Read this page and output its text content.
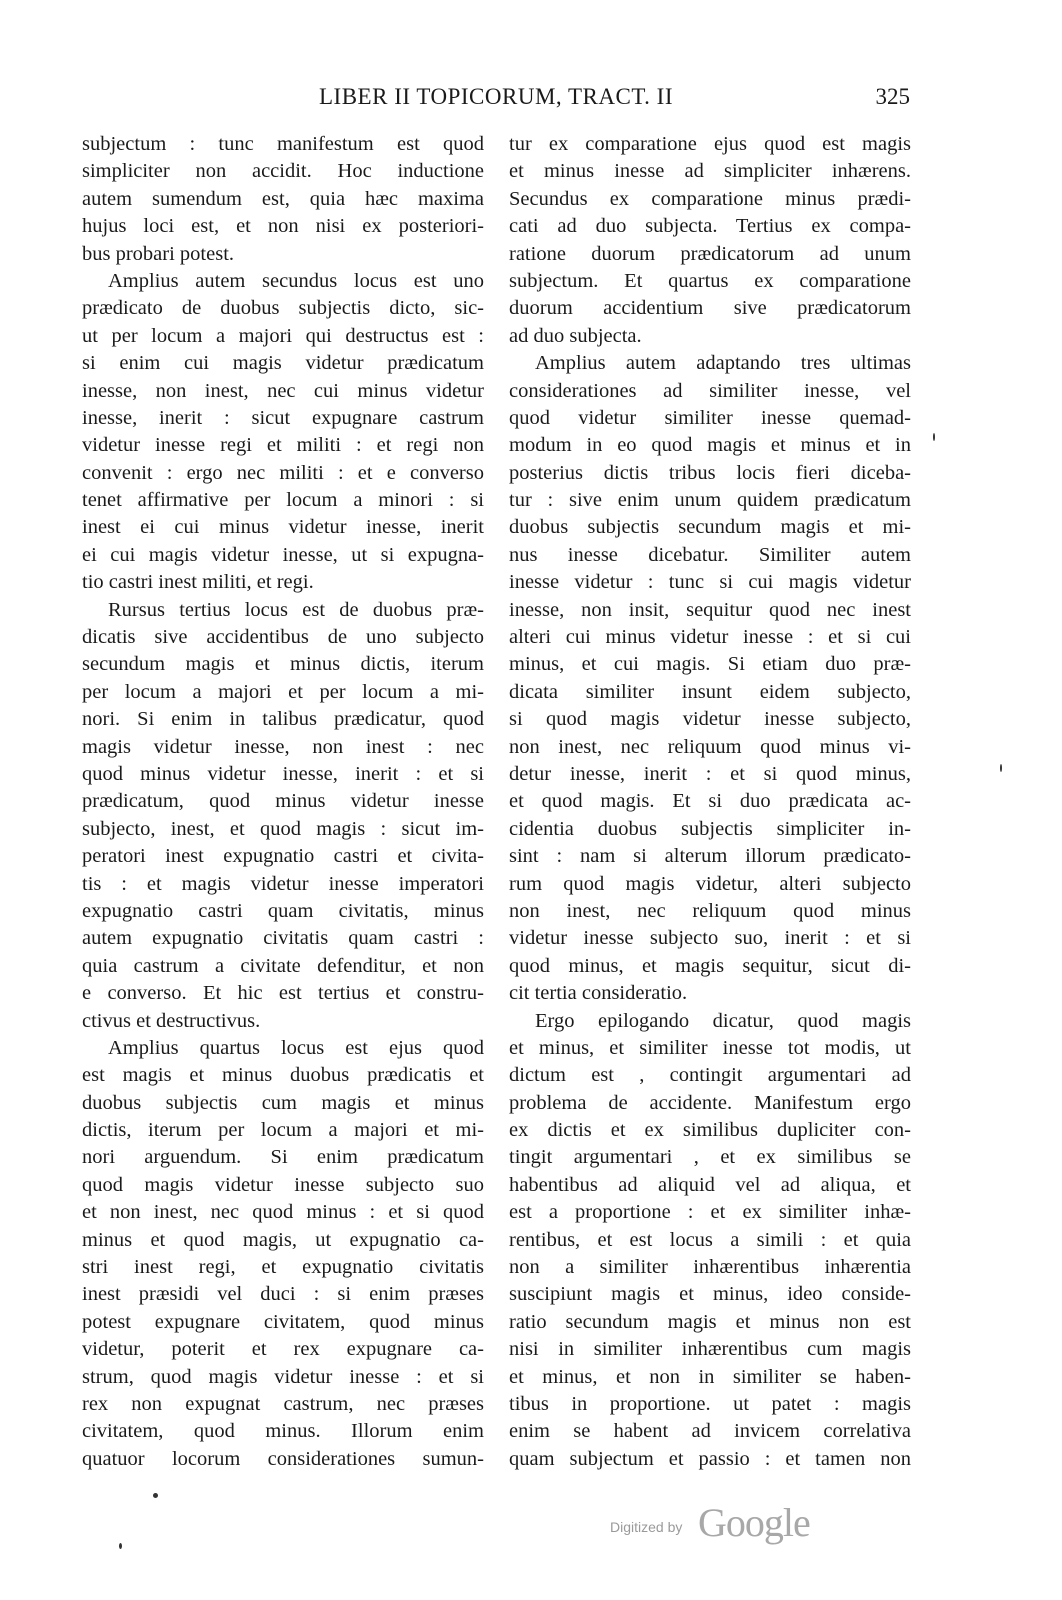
LIBER II TOPICORUM, TRACT. II	325
subjectum : tunc manifestum est quod
simpliciter non accidit. Hoc inductione
autem sumendum est, quia hæc maxima
hujus loci est, et non nisi ex posteriori-
bus probari potest.
Amplius autem secundus locus est uno
prædicato de duobus subjectis dicto, sic-
ut per locum a majori qui destructus est :
si enim cui magis videtur prædicatum
inesse, non inest, nec cui minus videtur
inesse, inerit : sicut expugnare castrum
videtur inesse regi et militi : et regi non
convenit : ergo nec militi : et e converso
tenet affirmative per locum a minori : si
inest ei cui minus videtur inesse, inerit
ei cui magis videtur inesse, ut si expugna-
tio castri inest militi, et regi.
Rursus tertius locus est de duobus præ-
dicatis sive accidentibus de uno subjecto
secundum magis et minus dictis, iterum
per locum a majori et per locum a mi-
nori. Si enim in talibus prædicatur, quod
magis videtur inesse, non inest : nec
quod minus videtur inesse, inerit : et si
prædicatum, quod minus videtur inesse
subjecto, inest, et quod magis : sicut im-
peratori inest expugnatio castri et civita-
tis : et magis videtur inesse imperatori
expugnatio castri quam civitatis, minus
autem expugnatio civitatis quam castri :
quia castrum a civitate defenditur, et non
e converso. Et hic est tertius et constru-
ctivus et destructivus.
Amplius quartus locus est ejus quod
est magis et minus duobus prædicatis et
duobus subjectis cum magis et minus
dictis, iterum per locum a majori et mi-
nori arguendum. Si enim prædicatum
quod magis videtur inesse subjecto suo
et non inest, nec quod minus : et si quod
minus et quod magis, ut expugnatio ca-
stri inest regi, et expugnatio civitatis
inest præsidi vel duci : si enim præses
potest expugnare civitatem, quod minus
videtur, poterit et rex expugnare ca-
strum, quod magis videtur inesse : et si
rex non expugnat castrum, nec præses
civitatem, quod minus. Illorum enim
quatuor locorum considerationes sumun-
tur ex comparatione ejus quod est magis
et minus inesse ad simpliciter inhærens.
Secundus ex comparatione minus prædi-
cati ad duo subjecta. Tertius ex compa-
ratione duorum prædicatorum ad unum
subjectum. Et quartus ex comparatione
duorum accidentium sive prædicatorum
ad duo subjecta.
Amplius autem adaptando tres ultimas
considerationes ad similiter inesse, vel
quod videtur similiter inesse quemad-
modum in eo quod magis et minus et in
posterius dictis tribus locis fieri diceba-
tur : sive enim unum quidem prædicatum
duobus subjectis secundum magis et mi-
nus inesse dicebatur. Similiter autem
inesse videtur : tunc si cui magis videtur
inesse, non insit, sequitur quod nec inest
alteri cui minus videtur inesse : et si cui
minus, et cui magis. Si etiam duo præ-
dicata similiter insunt eidem subjecto,
si quod magis videtur inesse subjecto,
non inest, nec reliquum quod minus vi-
detur inesse, inerit : et si quod minus,
et quod magis. Et si duo prædicata ac-
cidentia duobus subjectis simpliciter in-
sint : nam si alterum illorum prædicato-
rum quod magis videtur, alteri subjecto
non inest, nec reliquum quod minus
videtur inesse subjecto suo, inerit : et si
quod minus, et magis sequitur, sicut di-
cit tertia consideratio.
Ergo epilogando dicatur, quod magis
et minus, et similiter inesse tot modis, ut
dictum est , contingit argumentari ad
problema de accidente. Manifestum ergo
ex dictis et ex similibus dupliciter con-
tingit argumentari , et ex similibus se
habentibus ad aliquid vel ad aliqua, et
est a proportione : et ex similiter inhæ-
rentibus, et est locus a simili : et quia
non a similiter inhærentibus inhærentia
suscipiunt magis et minus, ideo conside-
ratio secundum magis et minus non est
nisi in similiter inhærentibus cum magis
et minus, et non in similiter se haben-
tibus in proportione. ut patet : magis
enim se habent ad invicem correlativa
quam subjectum et passio : et tamen non
Digitized by Google
